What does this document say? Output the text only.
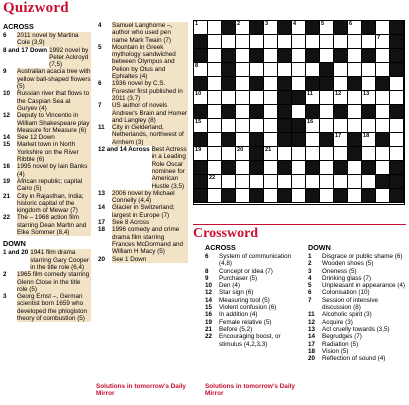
Quizword
ACROSS
6	2011 novel by Martina Cole (3,9)
8 and 17 Down 1992 novel by Peter Ackroyd (7,5)
9	Australian acacia tree with yellow ball-shaped flowers (5)
10	Russian river that flows to the Caspian Sea at Guryev (4)
12	Deputy to Vincentio in William Shakespeare play Measure for Measure (6)
14	See 12 Down
15	Market town in North Yorkshire on the River Ribble (6)
16	1995 novel by Iain Banks (4)
19	African republic; capital Cairo (5)
21	City in Rajasthan, India; historic capital of the kingdom of Mewar (7)
22	The – 1968 action film starring Dean Martin and Elke Sommer (8,4)
DOWN
1 and 20 1941 film drama starring Gary Cooper in the title role (6,4)
2	1965 film comedy starring Glenn Close in the title role (5)
3	Georg Ernst –, German scientist born 1659 who developed the phlogiston theory of combustion (5)
4	Samuel Langhorne –, author who used pen name Mark Twain (7)
5	Mountain in Greek mythology sandwiched between Olympus and Pelion by Otus and Ephialtes (4)
6	1936 novel by C.S. Forester first published in 2011 (3,7)
7	US author of novels Andrew's Brain and Homer and Langley (8)
11	City in Gelderland, Netherlands, northwest of Arnhem (3)
12 and 14 Across Best Actress in a Leading Role Oscar nominee for American Hustle (3,5)
13	2006 novel by Michael Connelly (4,4)
14	Glacier in Switzerland; largest in Europe (7)
17	See 8 Across
18	1996 comedy and crime drama film starring Frances McDormand and William H Macy (5)
20	See 1 Down
Solutions in tomorrow's Daily Mirror
1	2	3	4	5	6
7
8
10	11	12	13
15	16
17	18
19	20	21
22
Crossword
ACROSS
6	System of communication (4,8)
8	Concept or idea (7)
9	Purchaser (5)
10	Den (4)
12	Star sign (6)
14	Measuring tool (5)
15	Violent confusion (6)
16	In addition (4)
19	Female relative (5)
21	Before (5,2)
22	Encouraging boost, or stimulus (4,2,3,3)
Solutions in tomorrow's Daily Mirror
DOWN
1	Disgrace or public shame (6)
2	Wooden shoes (5)
3	Oneness (5)
4	Drinking glass (7)
5	Unpleasant in appearance (4)
6	Colonisation (10)
7	Session of intensive discussion (8)
11	Alcoholic spirit (3)
12	Acquire (3)
13	Act cruelly towards (3,5)
14	Begrudges (7)
17	Radiation (5)
18	Vision (5)
20	Reflection of sound (4)
